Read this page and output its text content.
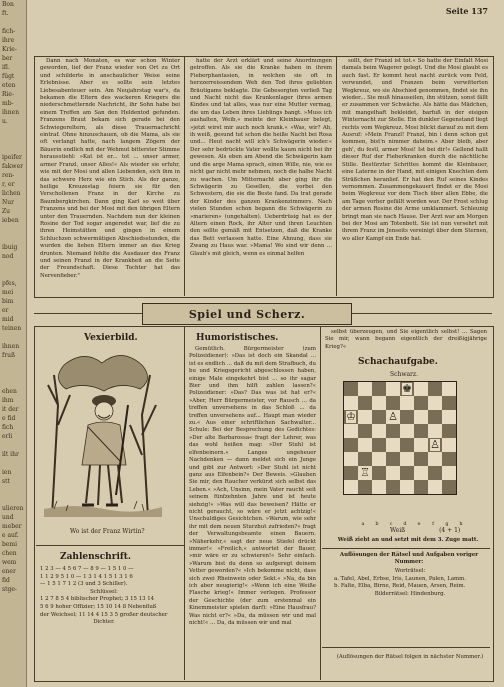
Bon
ft.

fich-
ihre
Krie-
ber
ifl.
fügt
eten
Rie-
mb-
ihnen
u.

ipeifer
fakwer
ren-
r, er
lichen
Nur
Zu
ieben

ibuig
nod

pfes,
mei
bim
er
mid
teinen

ihnen
fruß

ehen
ihm
it der
e fid
fich
erli

ilt ihr

ien
stt

ulieren
und
meber
e auf.
bemi
chen
wem
ener
fid
stge-
Seite 137

Dann nach Monaten, es war schon Winter geworden, lief der Franz wieder von Ort zu Ort und schilderte in anschaulicher Weise seine Erlebnisse. Aber es sollte sein letztes Liebesabenteuer sein. Am Neujahrstag war's, da bekamen die Eltern des wackeren Kriegers die niederschmetternde Nachricht, ihr Sohn habe bei einem Treffen am San den Heldentod gefunden. Franzens Braut bekam sich gerade bei den Schwiegereltern, als diese Trauernachricht eintraf. Ohne hinzuschauen, ob die Mama, als sie oft verlangt hatte, nach langem Zögern der Bäuerin endlich mit der Wehmut bitterster Stimme herausstiehl: »Kat ist er... tot ... unser armer, armer Franzl, unser Alles!« Als wieder sie erfuhr, wie mit der Mosi und allen Liebenden, sich ihm in das schwere Herz wie ein Stich. Als der ganze, heilige Kreuzestag feiern sie für den Verschollenen Franz in der Kirche zu Baumbergkirchen. Dann ging Karl so weit über Franzens und bei der Mosi mit den übrigen Eltern unter den Trauernden. Nachdem nun der kleinen Rosine der Tod sogar angeredet war, lief die zu ihren Heimstätten und gingen in einem Schluchzen schwermütigen Abschiedsstunden, die wurden die lieben Eltern immer an das Krieg drunten. Niemand fehlte die Ausdauer des Franz und seinen Franzl in der Krankheit an die Seite der Freundschaft. Diese Tochter hat das Nervenfieber."

hatte der Arzt erklärt und seine Anordnungen getroffen. Als sie die Kranke haben in ihrem Fieberphantasien, in welchen sie oft in herzzerreissendem Weh den Tod ihres geliebten Bräutigams beklagte. Die Gebesorgten verließ Tag und Nacht nicht das Krankenlager ihres armen Kindes und tat alles, was nur eine Mutter vermag, die um das Leben ihres Lieblings bangt. »Muss ich aushalten, Weib,« meinte der Kleinbauer belegt, »jetzt wirst mir auch noch krank.« »Was, wir? Ah, ih weiß, gesund tut schon die heiße Nacht bei Rosa und... Heut nacht will ich's Schwägerin wieder.« Der sehr bedrückte Vater wollte kaum nicht bei ihr gewesen. Als eben am Abend die Schwägerin kam und die arge Mama sprach, einen Wille, nie, wie es nicht gar nicht mehr nehmen, noch die halbe Nacht zu wachen. Um Mitternacht aber ging ihr die Schwägerin zu Gesellen, die vorbei den Schwestern, die sie die Beste fand. Da trat gerade der Kinder des ganzen Krankenzimmers. Nach vielen Stunden schon begann die Schwägerin zu »marieren« (ungehalten). Ueberdrüsig hat es der Altern einen Rock, ihr Alter und ihren Leuchten den sollte gemäß mit Entsetzen, daß die Kranke das Bett verlassen hatte. Eine Ahnung, dass sie Zwang zu Haus war. »Mama! Wo sind wir denn ... Glaub's mit gleich, wenn es einmal helfen

sollt, der Franzl ist tot.« So hatte der Einfalt Mosi damals beim Wagerer gelegt. Und die Mosi glaubt es auch fast. Er kommt heut nacht zurück vom Feld, verwundet, und Franzen beim verwitterten Wegkreuz, wo sie Abschied genommen, findet sie ihn wieder... Sie muß hinauseilen, ihn stützen, sonst fällt er zusammen vor Schwäche. Als hätte das Mädchen, mit mangelhaft bekleidet, barfuß in der eisigen Winternacht zur Stelle. Ein dunkler Gegenstand liegt rechts vom Wegkreuz. Mosi blickt darauf zu mit dem Ausruf: »Mein Franzl! Franzl, bin i denn schon gut kommen, bist'n nimmer daheim.« Aber bleib, aber geh', du festl, armer Mosi! Ist bei dir!« Gellend hallt dieser Ruf der Fieberkranken durch die nächtliche Stille. Bestürzter Schrittes kommt die Kleinbauer, eine Laterne in der Hand, mit einigen Knechten dem Sträßchen heranlief. Er hat den Ruf seines Kindes vernommen. Zusammengekauert findet er die Mosi beim Wegkreuz vor dem Tisch über allen Ebbe, die am Tage vorher gefällt worden war. Der Frost schlug der armen Rosine die Arme umklammert. Schleunig bringt man sie nach Hause. Der Arzt war am Morgen bei der Mosi am Totenbett. Sie ist nun versehrt mit ihrem Franz im Jenseits vereinigt über dem Sternen, wo aller Kampf ein Ende hat.

Spiel und Scherz.
Vexierbild.
Wo ist der Franz Wirtin?
Zahlenschrift.
1 2 3 — 4 5 6 7 — 8 9 — 1 5 1 0 —
1 1 2 9 5 1 0 — 1 3 1 4 1 5 1 3 1 6
— 1 5 1 7 1 2 (3 und 3 Schiller).
Schlüssel:
1 2 7 8 5 4 biblischer Prophet; 3 15 13 14
5 6 9 hoher Offizier; 15 10 14 8 Nebenfluß
der Weichsel; 11 14 4 15 3 5 großer deutscher
Dichter.
Humoristisches.

Gemütlich. Bürgermeister (zum Polizeidiener): »Das ist doch ein Skandal ... ist es endlich ... daß du mit dem Strafbuch, du bu und Kriegsgericht abgeschlossen haben, einige Male eingekehrt bist ... so ihr sagar Bier und ihm hilft zahlen lassen?« Polizeidiener: »Das? Das was ist hat er?« »Aber, Herr Bürgermeister, vor Rausch ... da treffen unversehens in das Schloß ... da treffen unversehens auf... Haupt man wieder zu.« Aus einer schriftlichen Sachwalter... Schule: Bei der Besprechung des Gedichtes: »Der alte Barbarossa« fragt der Lehrer, was das wohl heißen mag: »Der Stuhl ist elfenbeinern.« Langes ungeheuer Nachdenken — dann meldet sich ein Junge und gibt zur Antwort: »Der Stuhl ist nicht ganz aus Elfenbein?« Der Beweis. »Glauben Sie mir, den Raucher verkürzt sich selbst das Leben.« »Ach, Unsinn, mein Vater raucht seit seinem fünfzehnten Jahre und ist heute siebzig!« »Was will das beweisen? Hätte er nicht geraucht, so wäre er jetzt achtzig!« Unschuldiges Gesichtchen. »Warum, wie sehr ihr mit dem neuen Sturzhut zufrieden?« fragt der Verwaltungsbeamte einen Bauern. »Näherkehr,« sagt der neue Stiefel drückt immer!« »Freilich,« antwortet der Bauer, »mir wäre er zu schwieren!« Sehr einfach. »Warum bist du denn so aufgeregt deinem Vetter geworden?« »Ich bekomme nicht, dass sich zwei Rheinwein oder Sekt.« »Na, da bin ich aber neugierig!« »Wenn ich eine Weiße Flasche krieg!« Immer verlegen. Professor der Geschichte (der zum erstenmal ein Kinemmeister spielen darf): »Eine Hausfrau? Was nicht er?« »Da, da müssen wir und mal nicht!« ... Da, da müssen wir und mal

selbst überzeugen, und Sie eigentlich selbst! ... Sagen Sie mir, wann begann eigentlich der dreißigjährige Krieg?«

Schachaufgabe.
Schwarz.
♚
♔	♙
♙
♖
a b c d e f g h
Weiß	(4 + 1)
Weiß zieht an und setzt mit dem 3. Zuge matt.
Auflösungen der Rätsel und Aufgaben voriger Nummer:
Worträtsel:
a. Tafel, Abel, Erbse, Iris, Launen, Palen, Lamm.
b. Falte, Elba, Birne, Reid, Mauen, Arsen, Reim.
Bilderrätsel: Hindenburg.
(Auflösungen der Rätsel folgen in nächster Nummer.)
